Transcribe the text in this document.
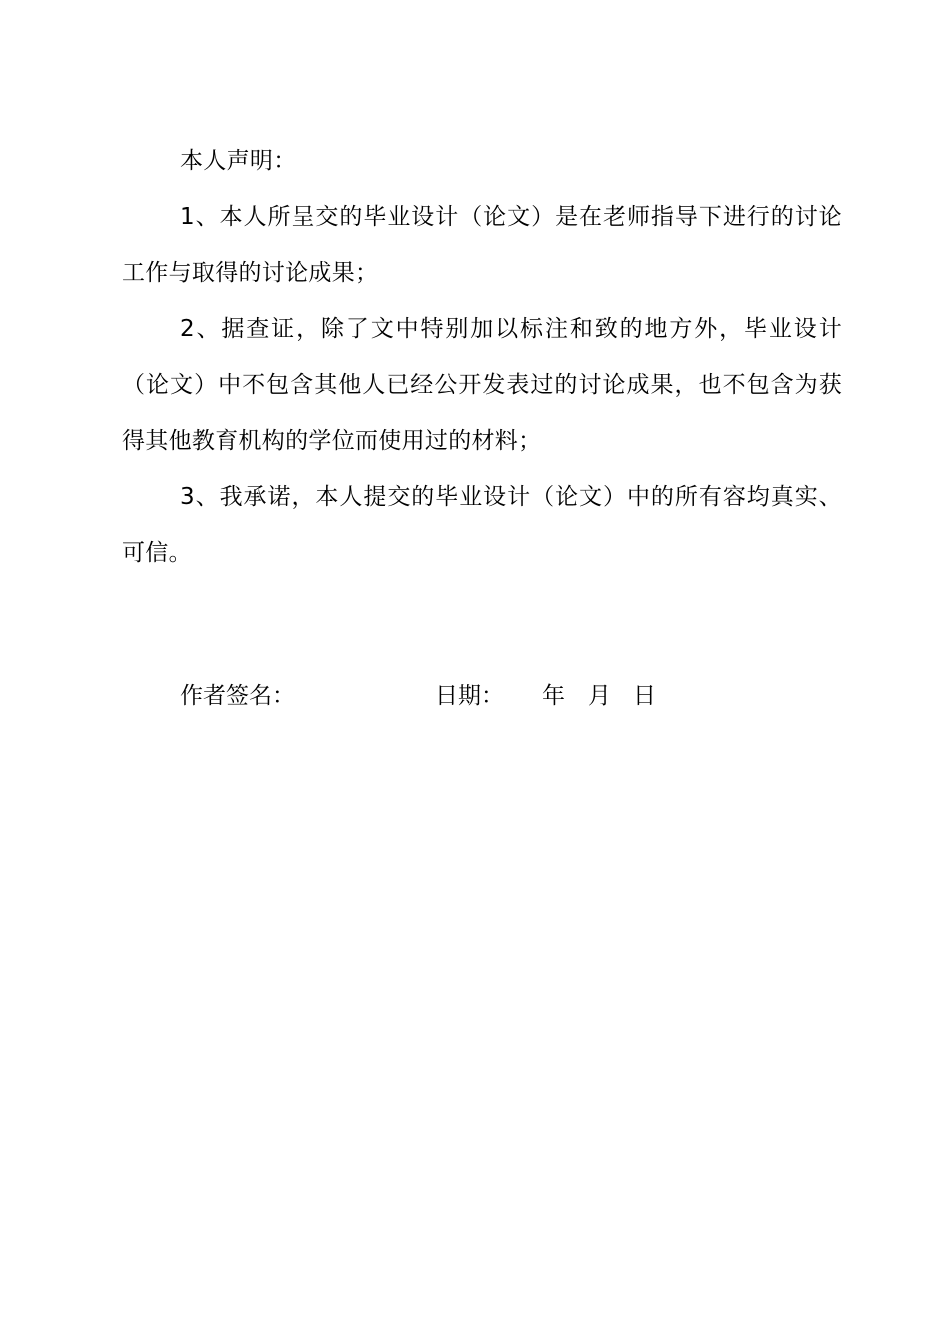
本人声明：

1、本人所呈交的毕业设计（论文）是在老师指导下进行的讨论工作与取得的讨论成果；

2、据查证，除了文中特别加以标注和致的地方外，毕业设计（论文）中不包含其他人已经公开发表过的讨论成果，也不包含为获得其他教育机构的学位而使用过的材料；

3、我承诺，本人提交的毕业设计（论文）中的所有容均真实、可信。

作者签名：	日期： 年 月 日
